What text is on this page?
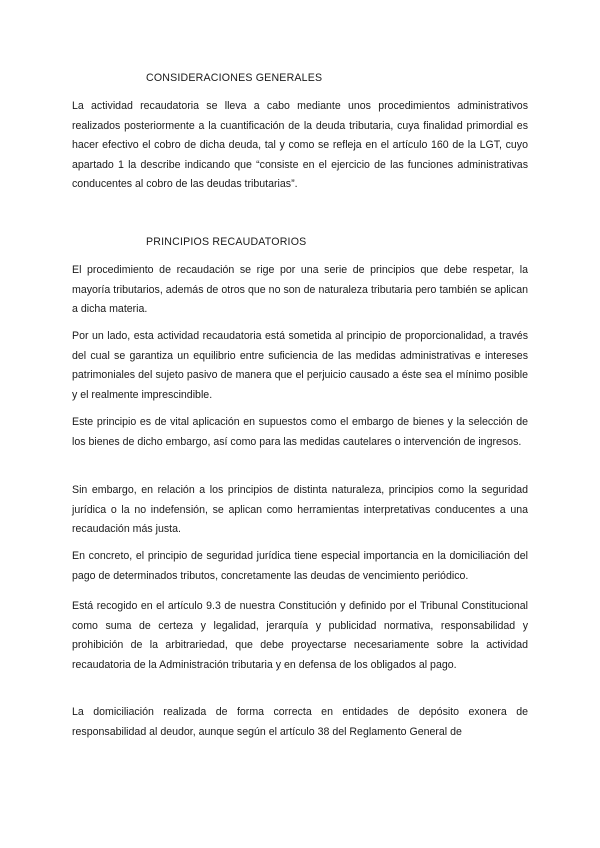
CONSIDERACIONES GENERALES

La actividad recaudatoria se lleva a cabo mediante unos procedimientos administrativos realizados posteriormente a la cuantificación de la deuda tributaria, cuya finalidad primordial es hacer efectivo el cobro de dicha deuda, tal y como se refleja en el artículo 160 de la LGT, cuyo apartado 1 la describe indicando que “consiste en el ejercicio de las funciones administrativas conducentes al cobro de las deudas tributarias”.

PRINCIPIOS RECAUDATORIOS

El procedimiento de recaudación se rige por una serie de principios que debe respetar, la mayoría tributarios, además de otros que no son de naturaleza tributaria pero también se aplican a dicha materia.

Por un lado, esta actividad recaudatoria está sometida al principio de proporcionalidad, a través del cual se garantiza un equilibrio entre suficiencia de las medidas administrativas e intereses patrimoniales del sujeto pasivo de manera que el perjuicio causado a éste sea el mínimo posible y el realmente imprescindible.

Este principio es de vital aplicación en supuestos como el embargo de bienes y la selección de los bienes de dicho embargo, así como para las medidas cautelares o intervención de ingresos.

Sin embargo, en relación a los principios de distinta naturaleza, principios como la seguridad jurídica o la no indefensión, se aplican como herramientas interpretativas conducentes a una recaudación más justa.

En concreto, el principio de seguridad jurídica tiene especial importancia en la domiciliación del pago de determinados tributos, concretamente las deudas de vencimiento periódico.

Está recogido en el artículo 9.3 de nuestra Constitución y definido por el Tribunal Constitucional como suma de certeza y legalidad, jerarquía y publicidad normativa, responsabilidad y prohibición de la arbitrariedad, que debe proyectarse necesariamente sobre la actividad recaudatoria de la Administración tributaria y en defensa de los obligados al pago.

La domiciliación realizada de forma correcta en entidades de depósito exonera de responsabilidad al deudor, aunque según el artículo 38 del Reglamento General de
